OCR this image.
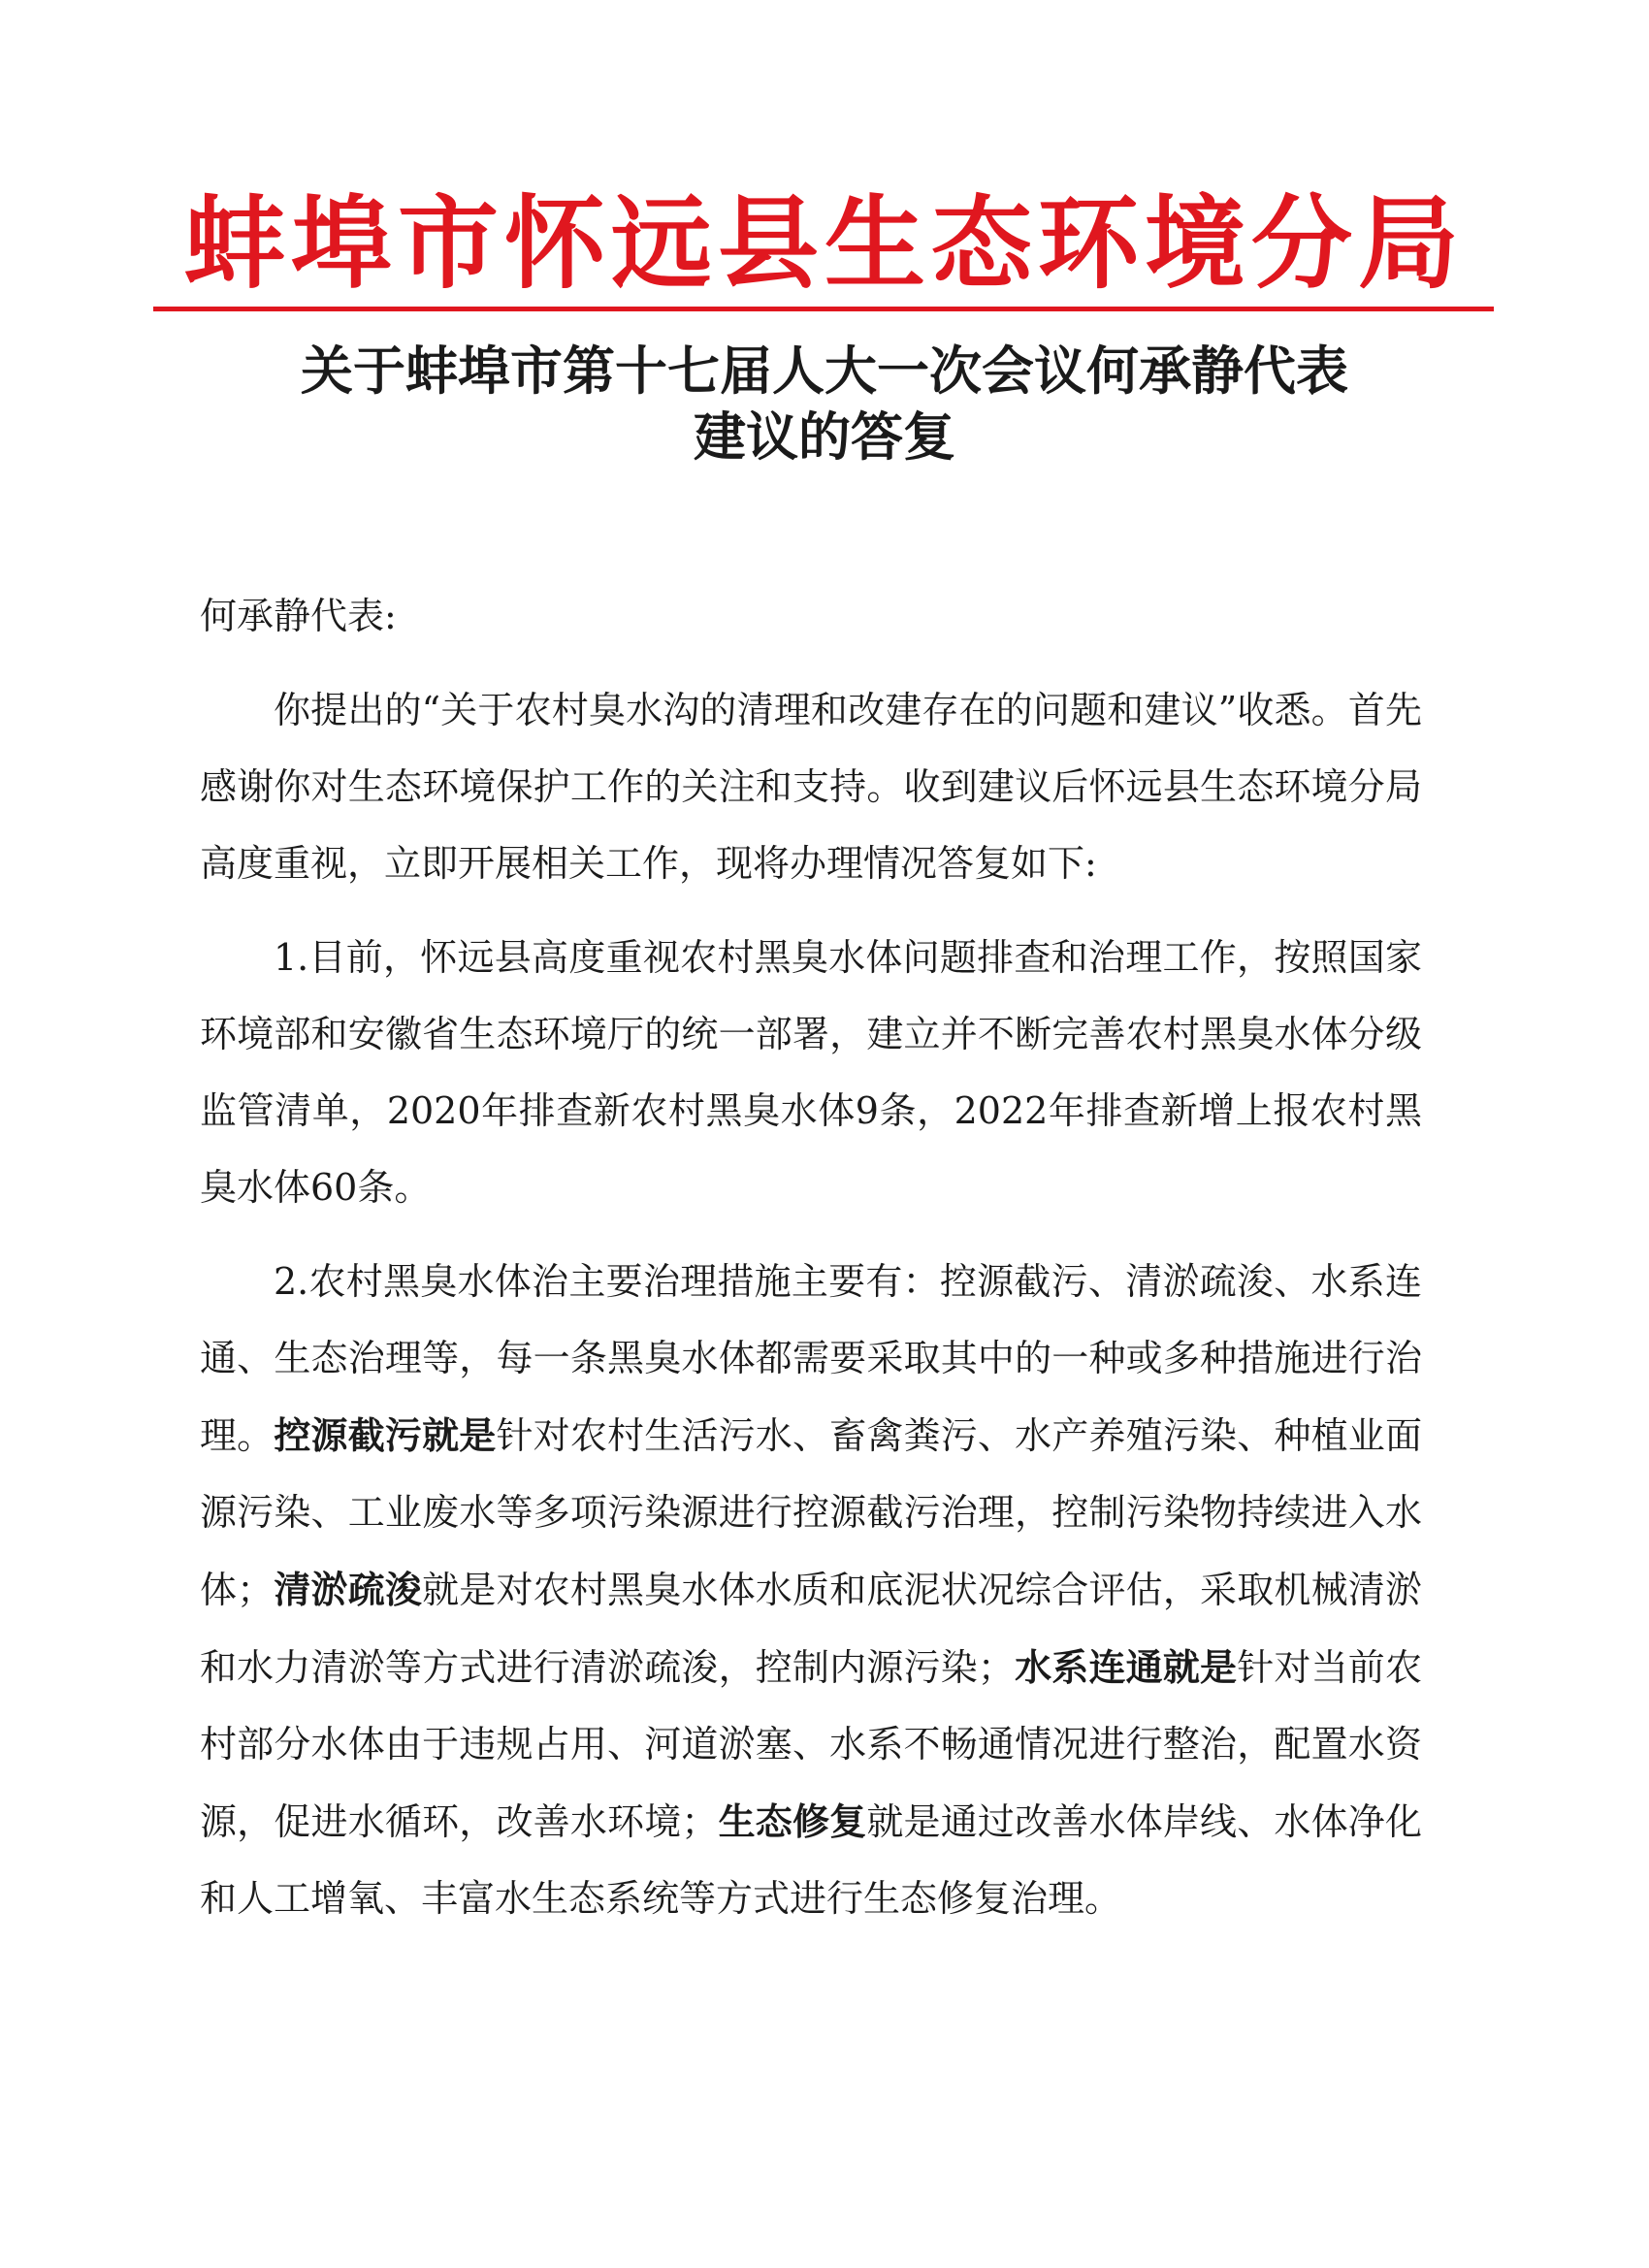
蚌埠市怀远县生态环境分局
关于蚌埠市第十七届人大一次会议何承静代表
建议的答复

何承静代表:

你提出的“关于农村臭水沟的清理和改建存在的问题和建议”收悉。首先感谢你对生态环境保护工作的关注和支持。收到建议后怀远县生态环境分局高度重视，立即开展相关工作，现将办理情况答复如下:

1.目前，怀远县高度重视农村黑臭水体问题排查和治理工作，按照国家环境部和安徽省生态环境厅的统一部署，建立并不断完善农村黑臭水体分级监管清单，2020年排查新农村黑臭水体9条，2022年排查新增上报农村黑臭水体60条。

2.农村黑臭水体治主要治理措施主要有：控源截污、清淤疏浚、水系连通、生态治理等，每一条黑臭水体都需要采取其中的一种或多种措施进行治理。控源截污就是针对农村生活污水、畜禽粪污、水产养殖污染、种植业面源污染、工业废水等多项污染源进行控源截污治理，控制污染物持续进入水体；清淤疏浚就是对农村黑臭水体水质和底泥状况综合评估，采取机械清淤和水力清淤等方式进行清淤疏浚，控制内源污染；水系连通就是针对当前农村部分水体由于违规占用、河道淤塞、水系不畅通情况进行整治，配置水资源，促进水循环，改善水环境；生态修复就是通过改善水体岸线、水体净化和人工增氧、丰富水生态系统等方式进行生态修复治理。
